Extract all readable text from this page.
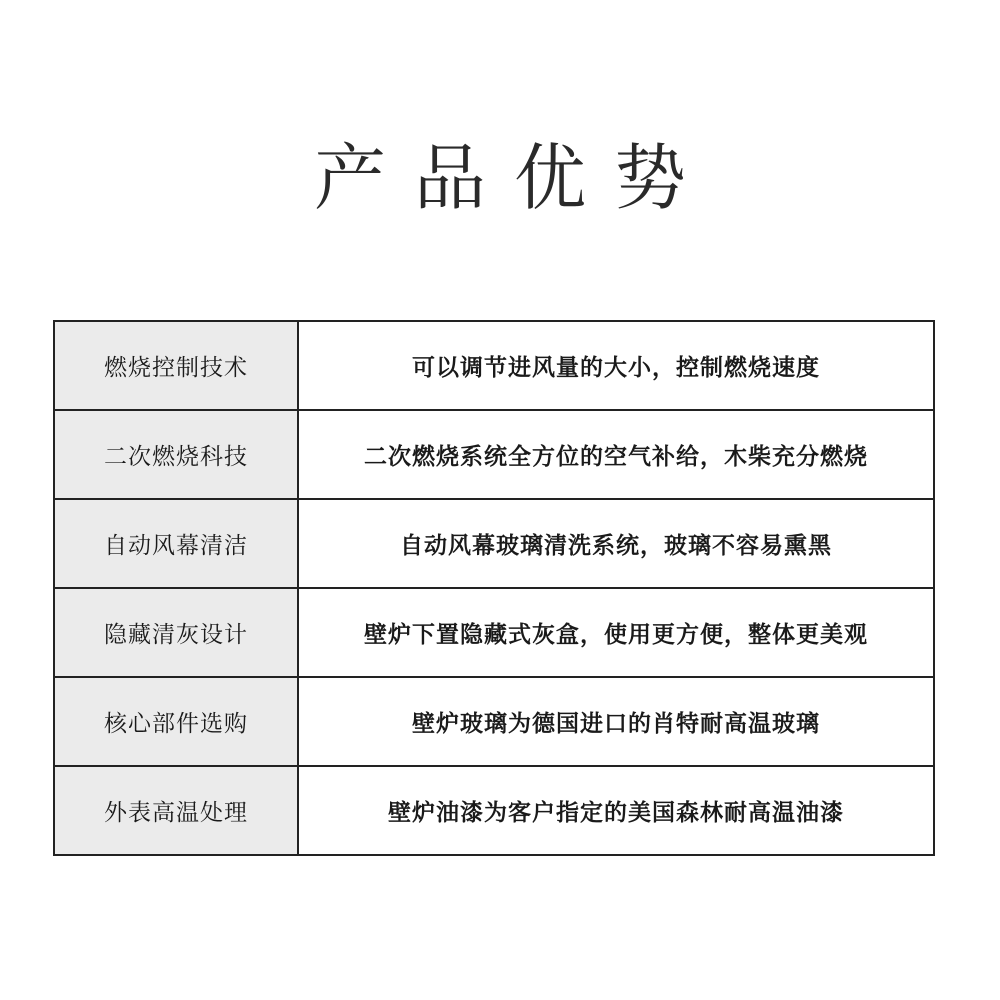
产品优势
燃烧控制技术	可以调节进风量的大小，控制燃烧速度
二次燃烧科技	二次燃烧系统全方位的空气补给，木柴充分燃烧
自动风幕清洁	自动风幕玻璃清洗系统，玻璃不容易熏黑
隐藏清灰设计	壁炉下置隐藏式灰盒，使用更方便，整体更美观
核心部件选购	壁炉玻璃为德国进口的肖特耐高温玻璃
外表高温处理	壁炉油漆为客户指定的美国森林耐高温油漆
